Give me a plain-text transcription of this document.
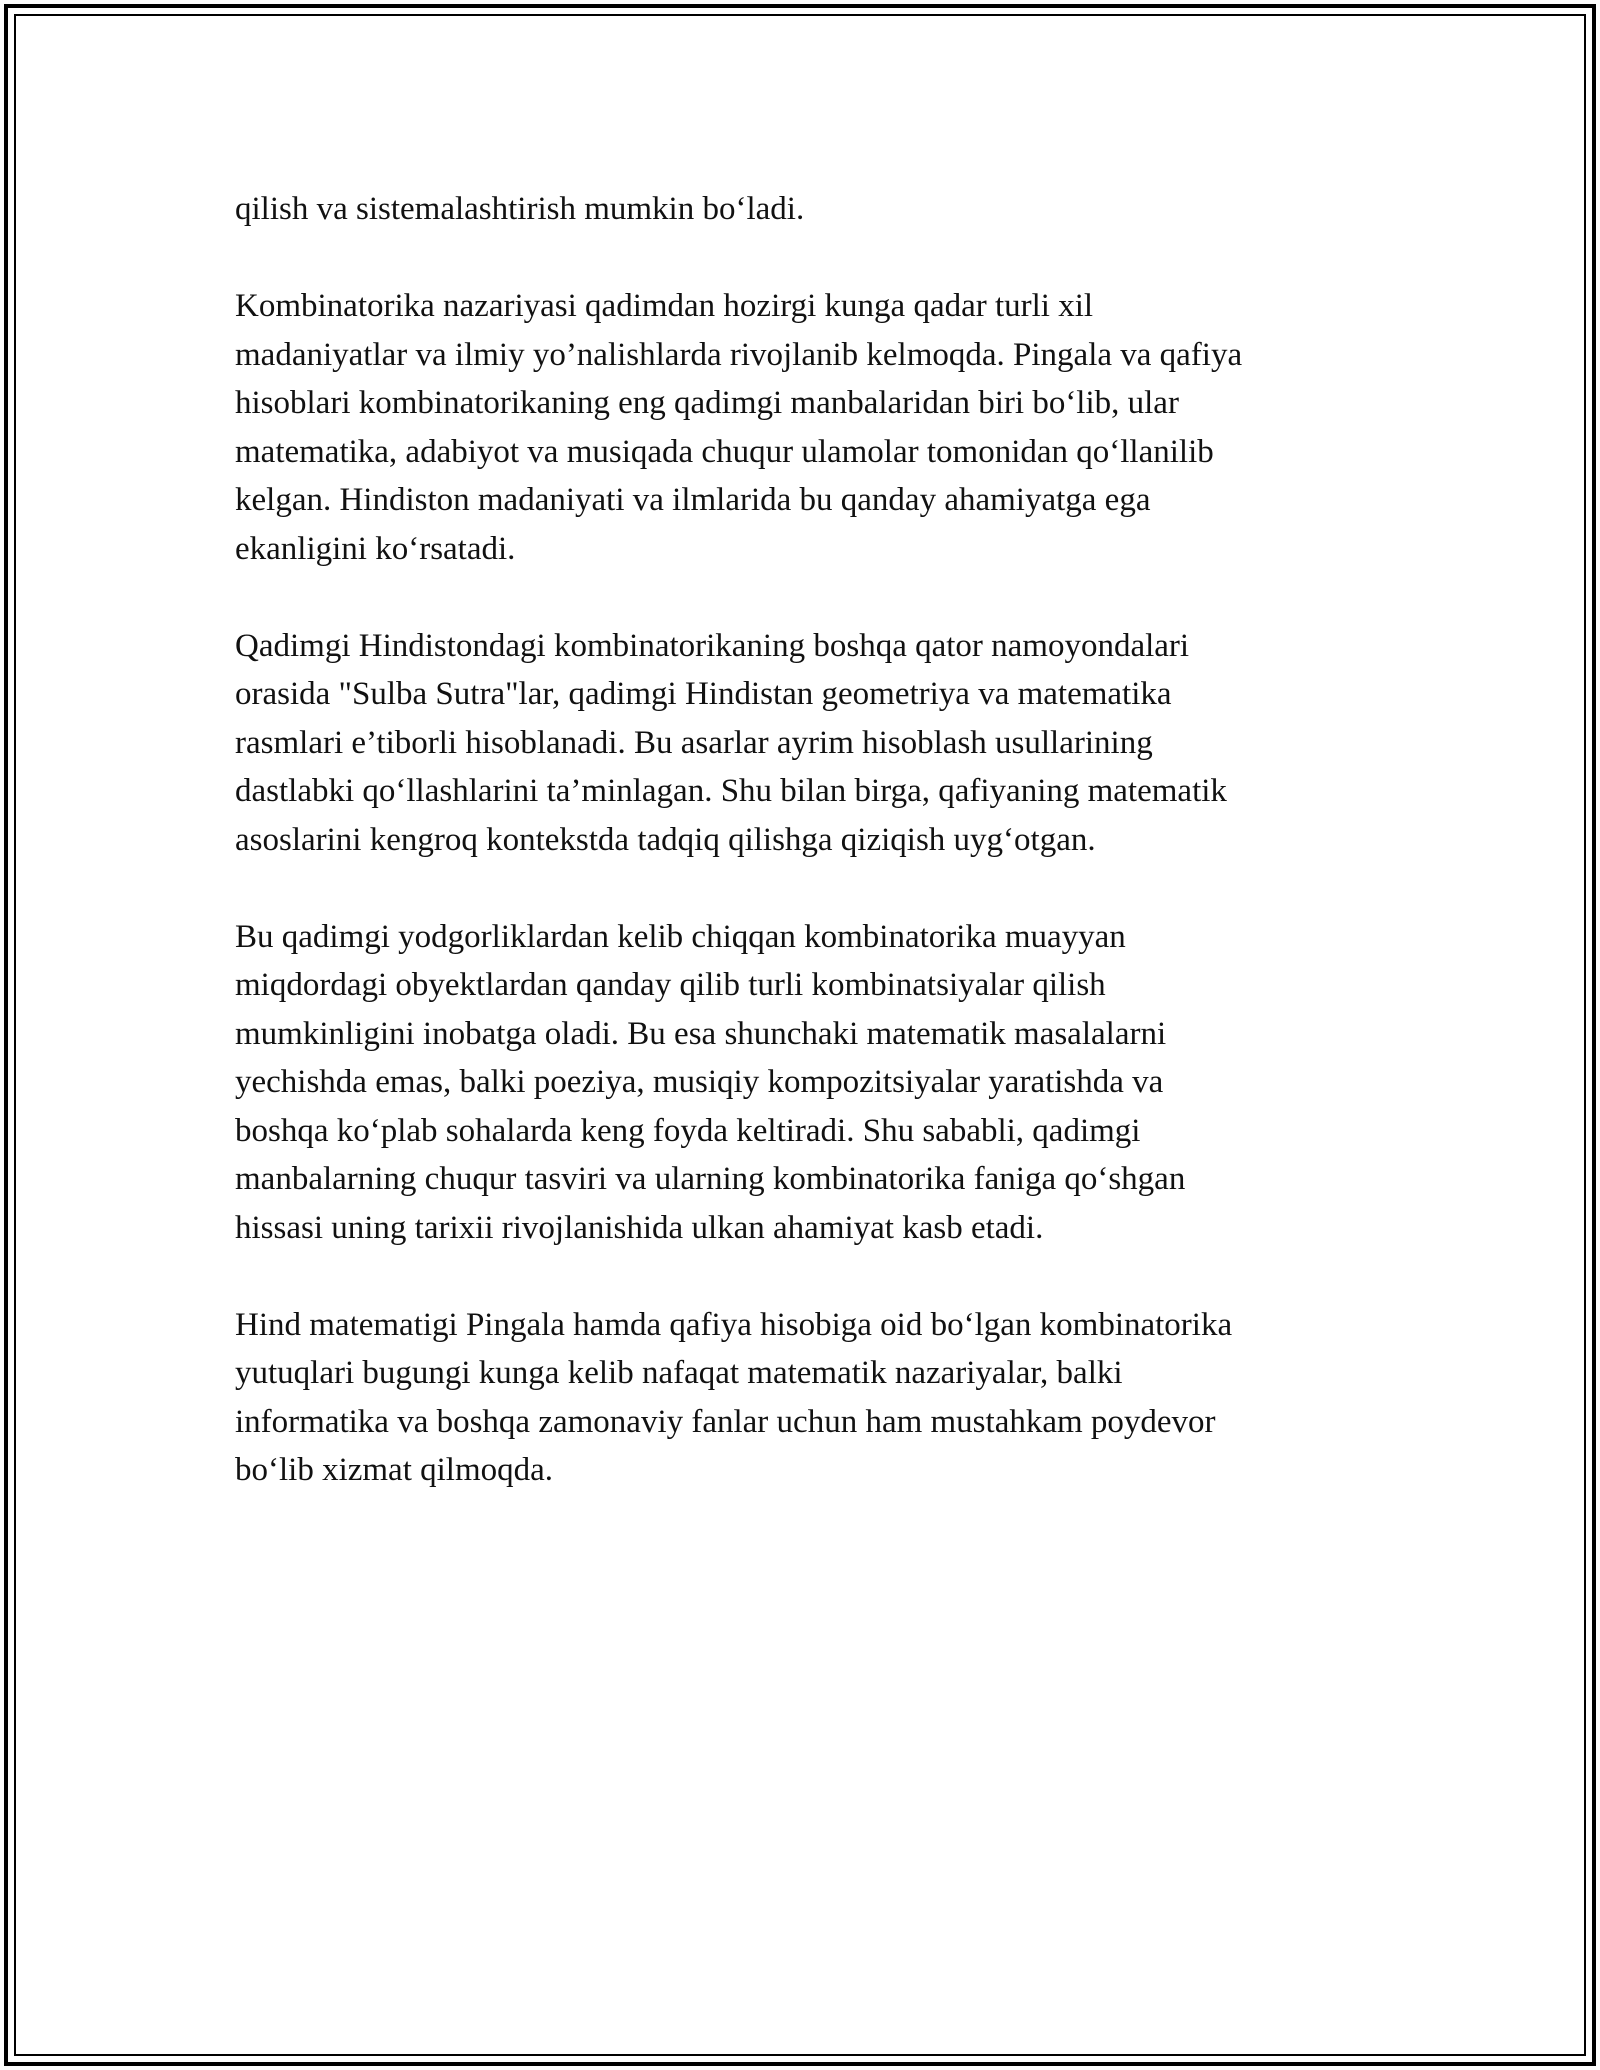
qilish va sistemalashtirish mumkin bo‘ladi.

Kombinatorika nazariyasi qadimdan hozirgi kunga qadar turli xil
madaniyatlar va ilmiy yo’nalishlarda rivojlanib kelmoqda. Pingala va qafiya
hisoblari kombinatorikaning eng qadimgi manbalaridan biri bo‘lib, ular
matematika, adabiyot va musiqada chuqur ulamolar tomonidan qo‘llanilib
kelgan. Hindiston madaniyati va ilmlarida bu qanday ahamiyatga ega
ekanligini ko‘rsatadi.

Qadimgi Hindistondagi kombinatorikaning boshqa qator namoyondalari
orasida "Sulba Sutra"lar, qadimgi Hindistan geometriya va matematika
rasmlari e’tiborli hisoblanadi. Bu asarlar ayrim hisoblash usullarining
dastlabki qo‘llashlarini ta’minlagan. Shu bilan birga, qafiyaning matematik
asoslarini kengroq kontekstda tadqiq qilishga qiziqish uyg‘otgan.

Bu qadimgi yodgorliklardan kelib chiqqan kombinatorika muayyan
miqdordagi obyektlardan qanday qilib turli kombinatsiyalar qilish
mumkinligini inobatga oladi. Bu esa shunchaki matematik masalalarni
yechishda emas, balki poeziya, musiqiy kompozitsiyalar yaratishda va
boshqa ko‘plab sohalarda keng foyda keltiradi. Shu sababli, qadimgi
manbalarning chuqur tasviri va ularning kombinatorika faniga qo‘shgan
hissasi uning tarixii rivojlanishida ulkan ahamiyat kasb etadi.

Hind matematigi Pingala hamda qafiya hisobiga oid bo‘lgan kombinatorika
yutuqlari bugungi kunga kelib nafaqat matematik nazariyalar, balki
informatika va boshqa zamonaviy fanlar uchun ham mustahkam poydevor
bo‘lib xizmat qilmoqda.
